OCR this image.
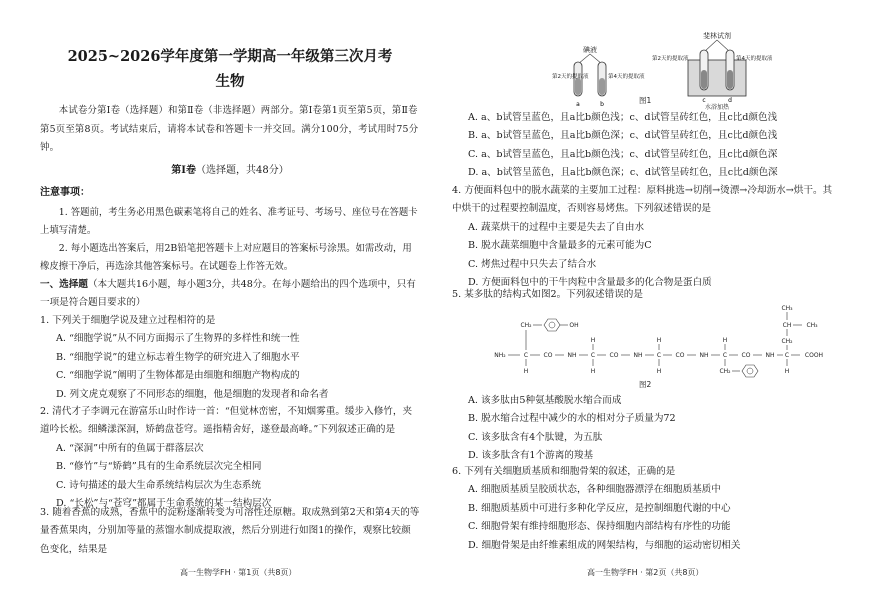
2025~2026学年度第一学期高一年级第三次月考
生物
本试卷分第Ⅰ卷（选择题）和第Ⅱ卷（非选择题）两部分。第Ⅰ卷第1页至第5页，第Ⅱ卷第5页至第8页。考试结束后，请将本试卷和答题卡一并交回。满分100分，考试用时75分钟。
第Ⅰ卷（选择题，共48分）
注意事项：
1. 答题前，考生务必用黑色碳素笔将自己的姓名、准考证号、考场号、座位号在答题卡上填写清楚。
2. 每小题选出答案后，用2B铅笔把答题卡上对应题目的答案标号涂黑。如需改动，用橡皮擦干净后，再选涂其他答案标号。在试题卷上作答无效。
一、选择题（本大题共16小题，每小题3分，共48分。在每小题给出的四个选项中，只有一项是符合题目要求的）
1. 下列关于细胞学说及建立过程相符的是
A. “细胞学说”从不同方面揭示了生物界的多样性和统一性
B. “细胞学说”的建立标志着生物学的研究进入了细胞水平
C. “细胞学说”阐明了生物体都是由细胞和细胞产物构成的
D. 列文虎克观察了不同形态的细胞，他是细胞的发现者和命名者
2. 清代才子李调元在游富乐山时作诗一首：“但觉林峦密，不知烟雾重。缓步入修竹，夹道吟长松。细鳞漾深洞，矫鹤盘苍穹。遥指精舍好，遂登最高峰。”下列叙述正确的是
A. “深洞”中所有的鱼属于群落层次
B. “修竹”与“矫鹤”具有的生命系统层次完全相同
C. 诗句描述的最大生命系统结构层次为生态系统
D. “长松”与“苍穹”都属于生命系统的某一结构层次
3. 随着香蕉的成熟，香蕉中的淀粉逐渐转变为可溶性还原糖。取成熟到第2天和第4天的等量香蕉果肉，分别加等量的蒸馏水制成提取液，然后分别进行如图1的操作，观察比较颜色变化，结果是
高一生物学FH · 第1页（共8页）
碘液
a	b
第2天的提取液	第4天的提取液
斐林试剂
c	d
第2天的提取液	第4天的提取液
水浴加热
图1
A. a、b试管呈蓝色，且a比b颜色浅；c、d试管呈砖红色，且c比d颜色浅
B. a、b试管呈蓝色，且a比b颜色深；c、d试管呈砖红色，且c比d颜色浅
C. a、b试管呈蓝色，且a比b颜色浅；c、d试管呈砖红色，且c比d颜色深
D. a、b试管呈蓝色，且a比b颜色深；c、d试管呈砖红色，且c比d颜色深
4. 方便面料包中的脱水蔬菜的主要加工过程：原料挑选→切削→烫漂→冷却沥水→烘干。其中烘干的过程要控制温度，否则容易烤焦。下列叙述错误的是
A. 蔬菜烘干的过程中主要是失去了自由水
B. 脱水蔬菜细胞中含量最多的元素可能为C
C. 烤焦过程中只失去了结合水
D. 方便面料包中的干牛肉粒中含量最多的化合物是蛋白质
5. 某多肽的结构式如图2。下列叙述错误的是
CH₃
CH	CH₃
CH₂
CH₂	OH
NH₂	C	CO	NH C CO	NH C CO	NH C CO	NH C	COOH
H
H
H
H
H
H
CH₂	H
图2
A. 该多肽由5种氨基酸脱水缩合而成
B. 脱水缩合过程中减少的水的相对分子质量为72
C. 该多肽含有4个肽键，为五肽
D. 该多肽含有1个游离的羧基
6. 下列有关细胞质基质和细胞骨架的叙述，正确的是
A. 细胞质基质呈胶质状态，各种细胞器漂浮在细胞质基质中
B. 细胞质基质中可进行多种化学反应，是控制细胞代谢的中心
C. 细胞骨架有维持细胞形态、保持细胞内部结构有序性的功能
D. 细胞骨架是由纤维素组成的网架结构，与细胞的运动密切相关
高一生物学FH · 第2页（共8页）
